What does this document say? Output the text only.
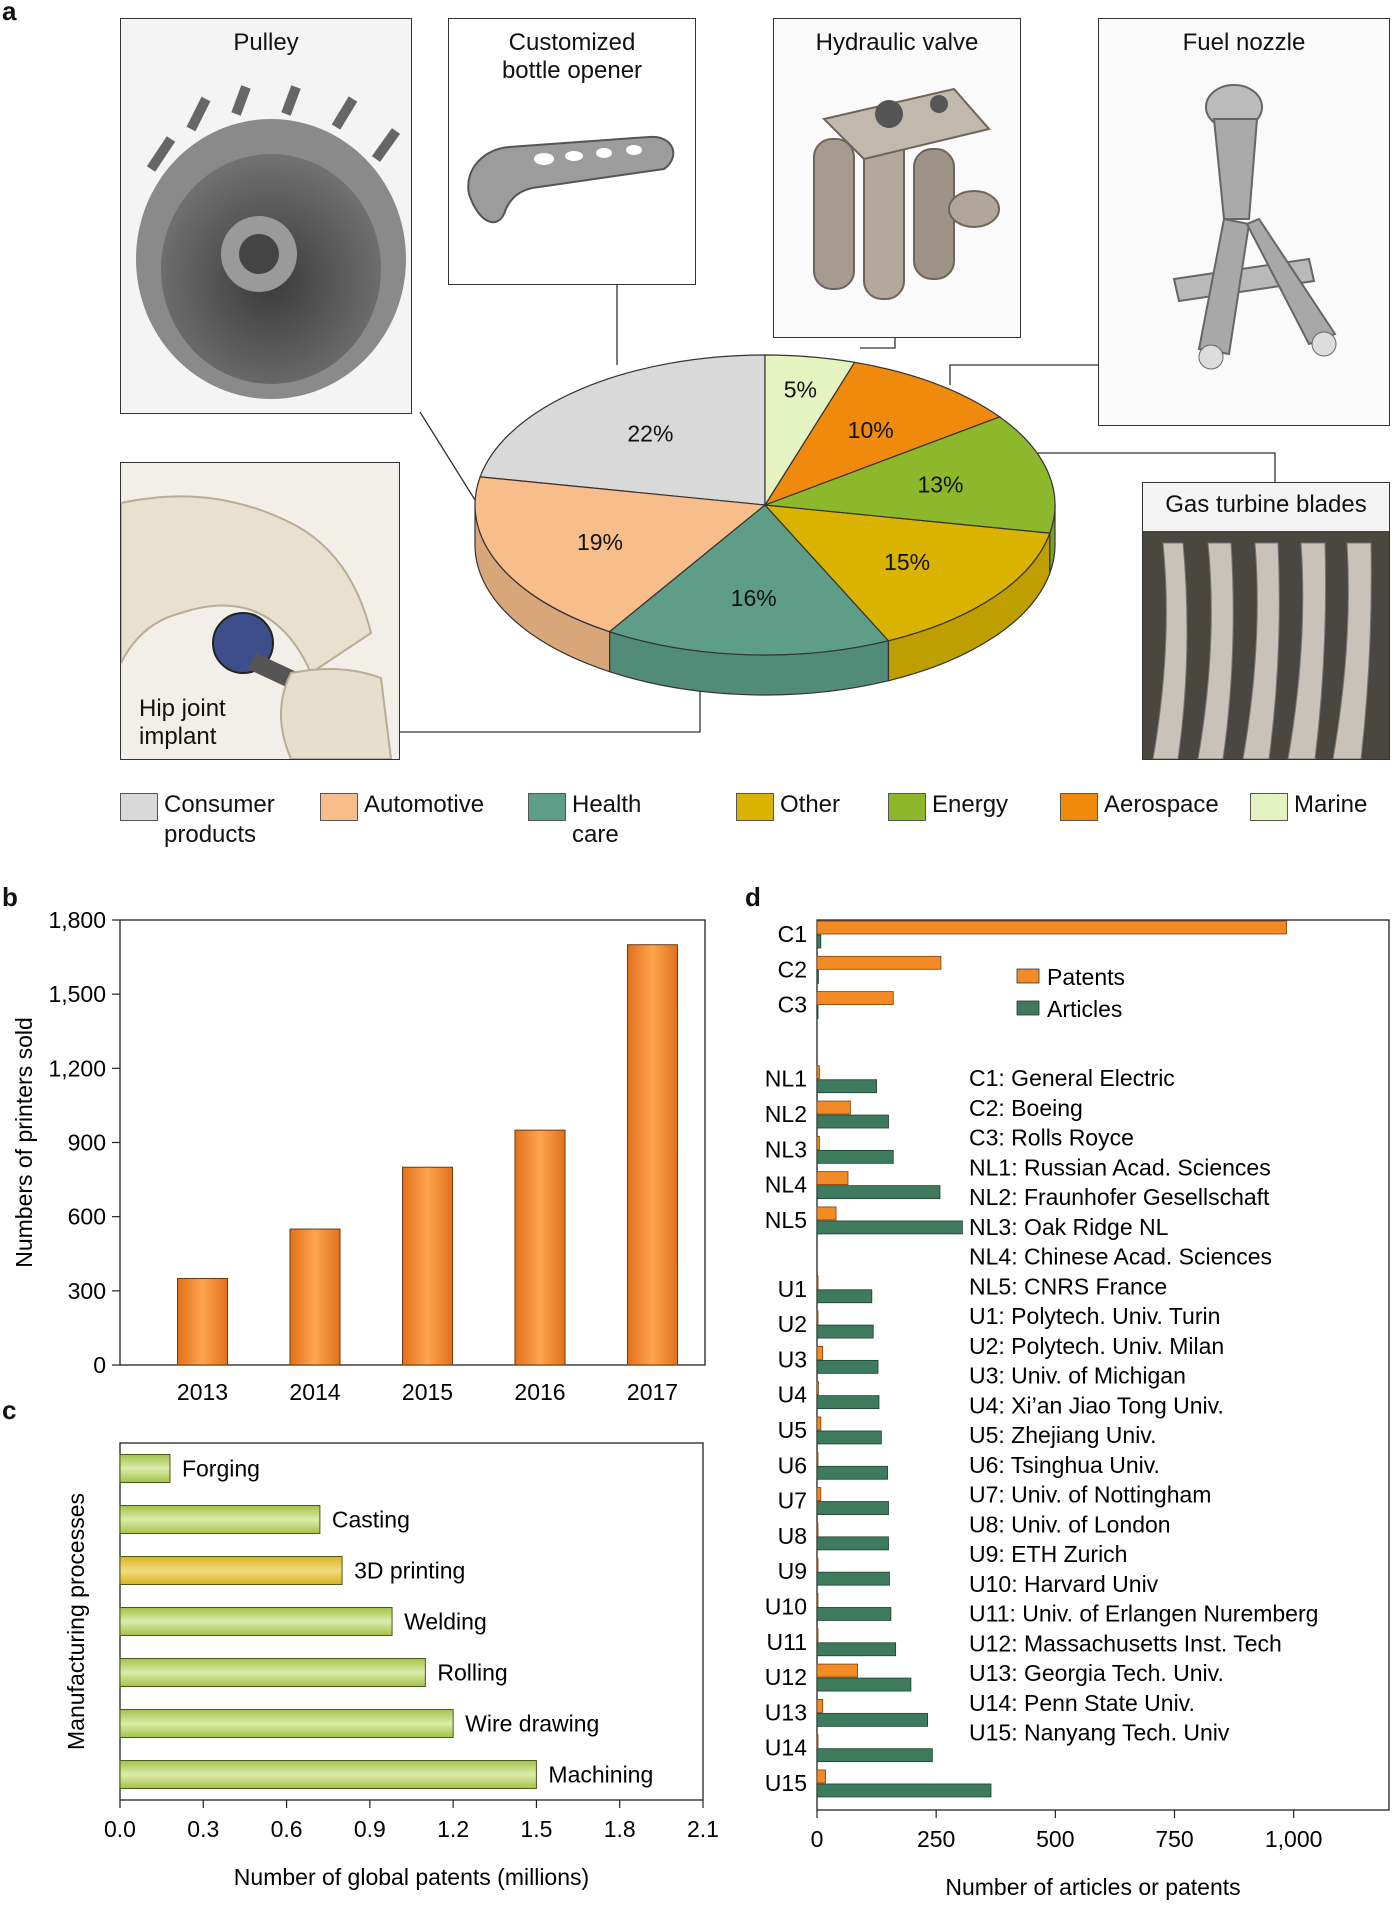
a
b
c
d
22%
19%
16%
15%
13%
10%
5%
Pulley	Customized
bottle opener
Hydraulic valve	Fuel nozzle
Gas turbine blades
Hip joint
implant
Consumer
products
Automotive	Health care
Other	Energy	Aerospace	Marine
0
300
600
900
1,200
1,500
1,800
2013	2014	2015	2016	2017
Numbers of printers sold
Forging
Casting
3D printing
Welding
Rolling
Wire drawing
Machining
0.0 0.3 0.6 0.9 1.2 1.5 1.8 2.1
Number of global patents (millions)
Manufacturing processes
C1
C2
C3
NL1
NL2
NL3
NL4
NL5
U1
U2
U3
U4
U5
U6
U7
U8
U9
U10
U11
U12
U13
U14
U15
0	250	500	750	1,000
Number of articles or patents
Patents
Articles
C1: General Electric
C2: Boeing
C3: Rolls Royce
NL1: Russian Acad. Sciences
NL2: Fraunhofer Gesellschaft
NL3: Oak Ridge NL
NL4: Chinese Acad. Sciences
NL5: CNRS France
U1: Polytech. Univ. Turin
U2: Polytech. Univ. Milan
U3: Univ. of Michigan
U4: Xi’an Jiao Tong Univ.
U5: Zhejiang Univ.
U6: Tsinghua Univ.
U7: Univ. of Nottingham
U8: Univ. of London
U9: ETH Zurich
U10: Harvard Univ
U11: Univ. of Erlangen Nuremberg
U12: Massachusetts Inst. Tech
U13: Georgia Tech. Univ.
U14: Penn State Univ.
U15: Nanyang Tech. Univ
